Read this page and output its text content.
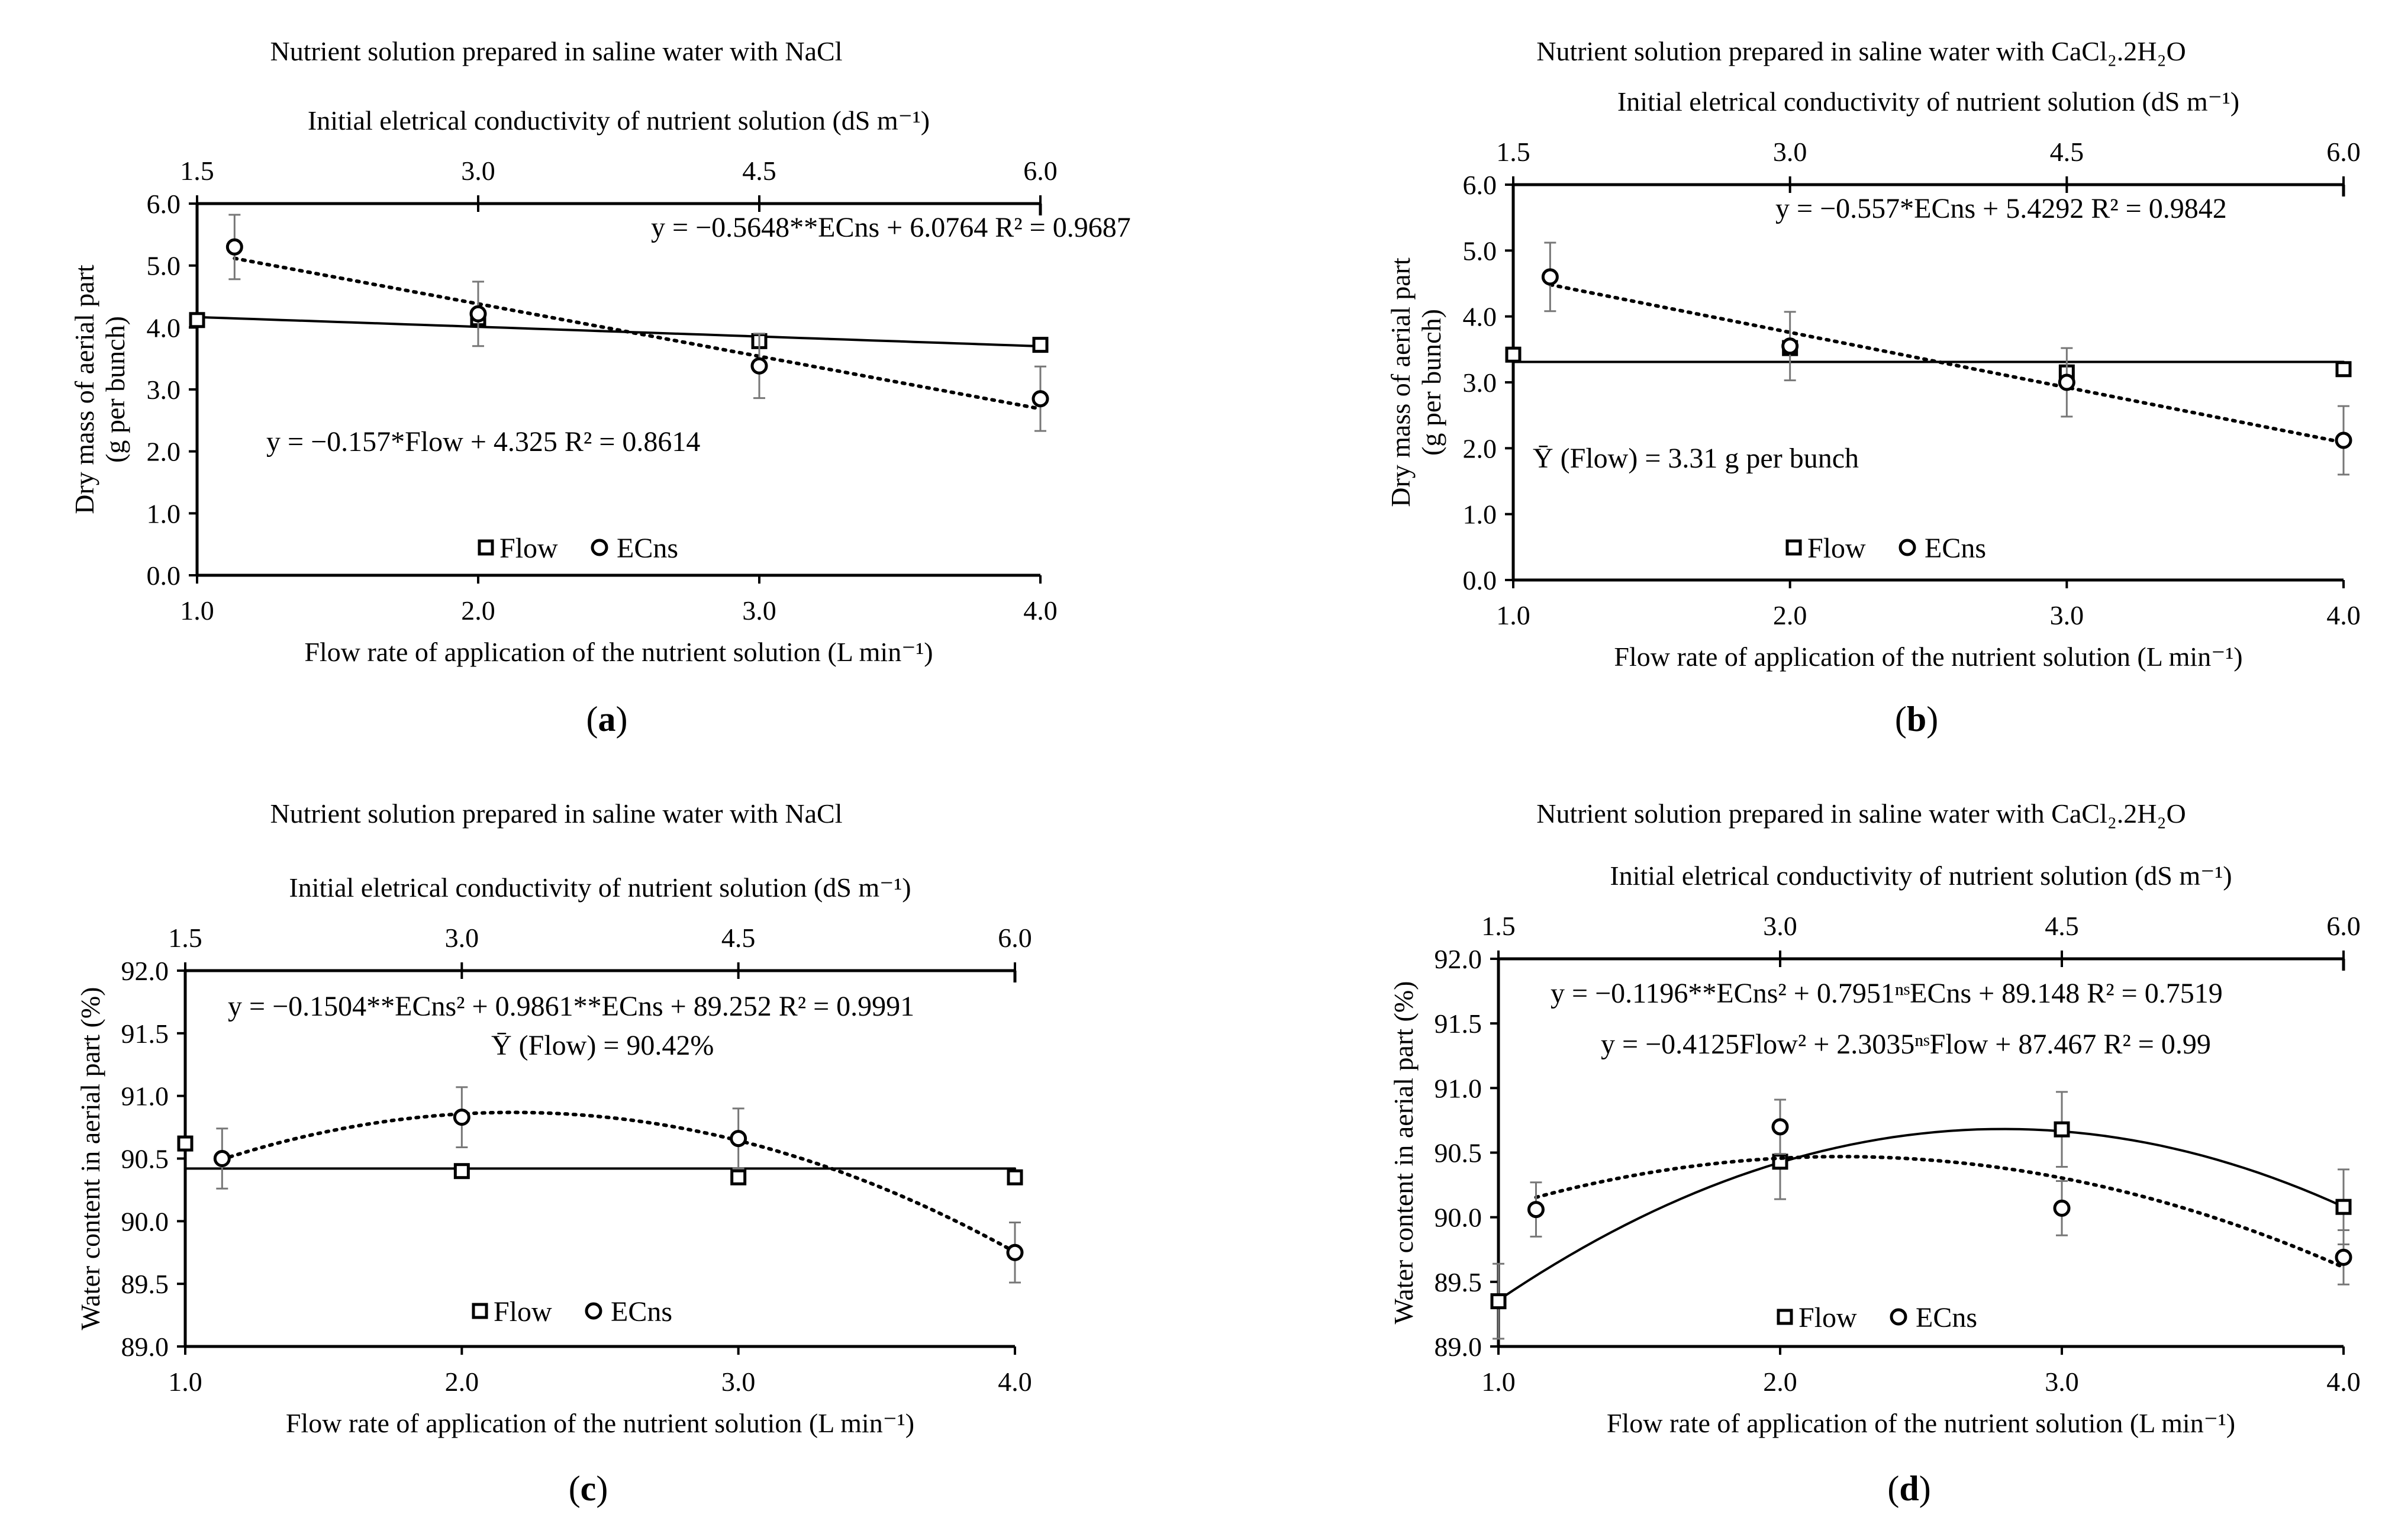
Nutrient solution prepared in saline water with NaCl
Initial eletrical conductivity of nutrient solution (dS m⁻¹)
Flow rate of application of the nutrient solution (L min⁻¹)
Dry mass of aerial part (g per bunch)
(a)
0.0
1.0
2.0
3.0
4.0
5.0
6.0
1.0	2.0	3.0	4.0
1.5	3.0	4.5	6.0
y = −0.5648**ECns + 6.0764 R² = 0.9687
y = −0.157*Flow + 4.325 R² = 0.8614
Flow ECns
Nutrient solution prepared in saline water with CaCl₂.2H₂O
Initial eletrical conductivity of nutrient solution (dS m⁻¹)
Flow rate of application of the nutrient solution (L min⁻¹)
Dry mass of aerial part (g per bunch)
(b)
0.0
1.0
2.0
3.0
4.0
5.0
6.0
1.0	2.0	3.0	4.0
1.5	3.0	4.5	6.0
y = −0.557*ECns + 5.4292 R² = 0.9842
Ȳ (Flow) = 3.31 g per bunch
Flow ECns
Nutrient solution prepared in saline water with NaCl
Initial eletrical conductivity of nutrient solution (dS m⁻¹)
Flow rate of application of the nutrient solution (L min⁻¹)
Water content in aerial part (%)
(c)
89.0
89.5
90.0
90.5
91.0
91.5
92.0
1.0	2.0	3.0	4.0
1.5	3.0	4.5	6.0
y = −0.1504**ECns² + 0.9861**ECns + 89.252 R² = 0.9991
Ȳ (Flow) = 90.42%
Flow ECns
Nutrient solution prepared in saline water with CaCl₂.2H₂O
Initial eletrical conductivity of nutrient solution (dS m⁻¹)
Flow rate of application of the nutrient solution (L min⁻¹)
Water content in aerial part (%)
(d)
89.0
89.5
90.0
90.5
91.0
91.5
92.0
1.0	2.0	3.0	4.0
1.5	3.0	4.5	6.0
y = −0.1196**ECns² + 0.7951ⁿˢECns + 89.148 R² = 0.7519
y = −0.4125Flow² + 2.3035ⁿˢFlow + 87.467 R² = 0.99
Flow ECns
